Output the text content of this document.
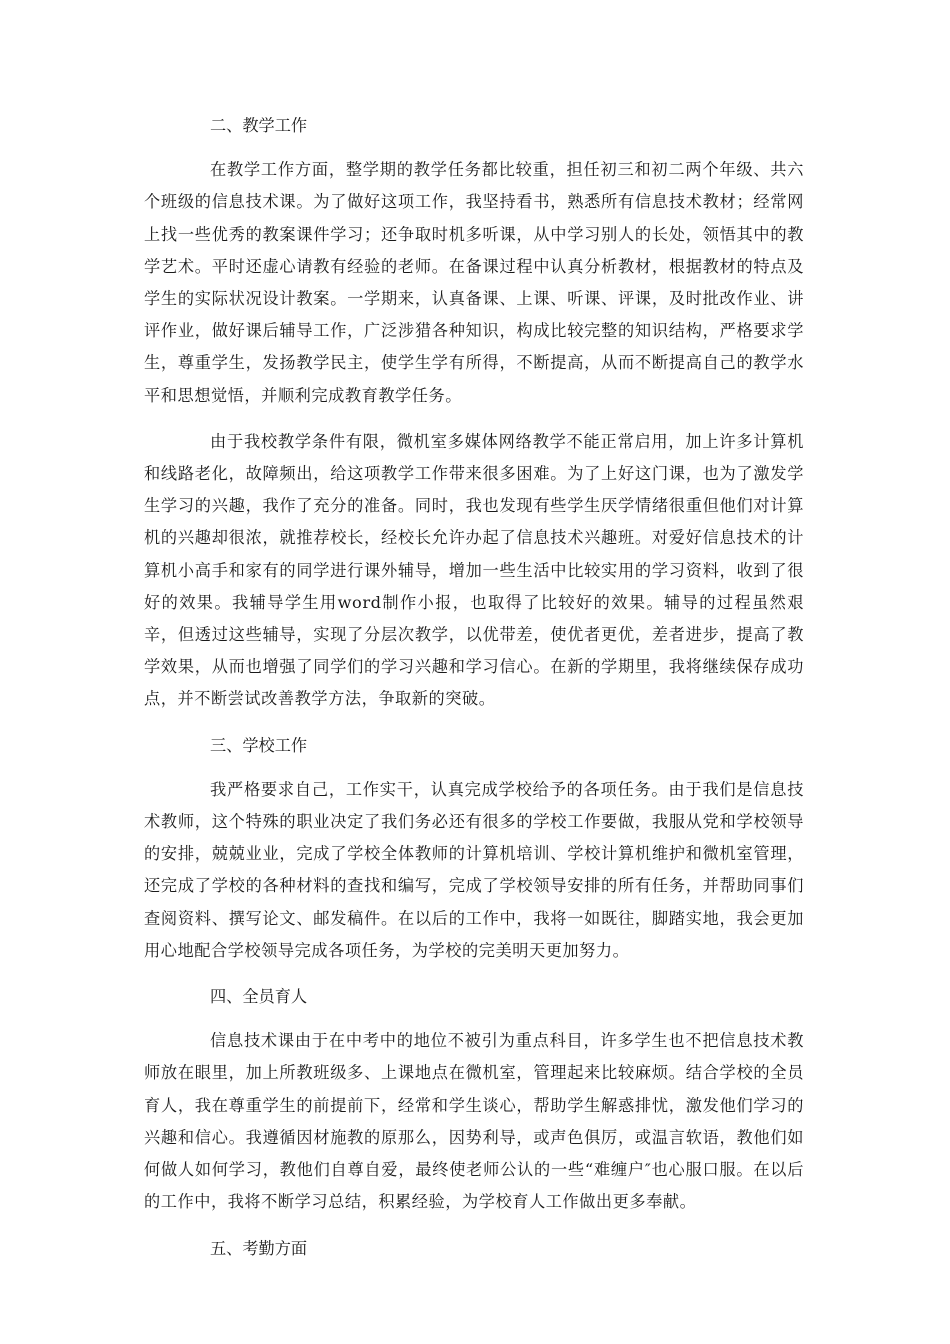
二、教学工作

在教学工作方面，整学期的教学任务都比较重，担任初三和初二两个年级、共六个班级的信息技术课。为了做好这项工作，我坚持看书，熟悉所有信息技术教材；经常网上找一些优秀的教案课件学习；还争取时机多听课，从中学习别人的长处，领悟其中的教学艺术。平时还虚心请教有经验的老师。在备课过程中认真分析教材，根据教材的特点及学生的实际状况设计教案。一学期来，认真备课、上课、听课、评课，及时批改作业、讲评作业，做好课后辅导工作，广泛涉猎各种知识，构成比较完整的知识结构，严格要求学生，尊重学生，发扬教学民主，使学生学有所得，不断提高，从而不断提高自己的教学水平和思想觉悟，并顺利完成教育教学任务。

由于我校教学条件有限，微机室多媒体网络教学不能正常启用，加上许多计算机和线路老化，故障频出，给这项教学工作带来很多困难。为了上好这门课，也为了激发学生学习的兴趣，我作了充分的准备。同时，我也发现有些学生厌学情绪很重但他们对计算机的兴趣却很浓，就推荐校长，经校长允许办起了信息技术兴趣班。对爱好信息技术的计算机小高手和家有的同学进行课外辅导，增加一些生活中比较实用的学习资料，收到了很好的效果。我辅导学生用word制作小报，也取得了比较好的效果。辅导的过程虽然艰辛，但透过这些辅导，实现了分层次教学，以优带差，使优者更优，差者进步，提高了教学效果，从而也增强了同学们的学习兴趣和学习信心。在新的学期里，我将继续保存成功点，并不断尝试改善教学方法，争取新的突破。

三、学校工作

我严格要求自己，工作实干，认真完成学校给予的各项任务。由于我们是信息技术教师，这个特殊的职业决定了我们务必还有很多的学校工作要做，我服从党和学校领导的安排，兢兢业业，完成了学校全体教师的计算机培训、学校计算机维护和微机室管理，还完成了学校的各种材料的查找和编写，完成了学校领导安排的所有任务，并帮助同事们查阅资料、撰写论文、邮发稿件。在以后的工作中，我将一如既往，脚踏实地，我会更加用心地配合学校领导完成各项任务，为学校的完美明天更加努力。

四、全员育人

信息技术课由于在中考中的地位不被引为重点科目，许多学生也不把信息技术教师放在眼里，加上所教班级多、上课地点在微机室，管理起来比较麻烦。结合学校的全员育人，我在尊重学生的前提前下，经常和学生谈心，帮助学生解惑排忧，激发他们学习的兴趣和信心。我遵循因材施教的原那么，因势利导，或声色俱厉，或温言软语，教他们如何做人如何学习，教他们自尊自爱，最终使老师公认的一些“难缠户″也心服口服。在以后的工作中，我将不断学习总结，积累经验，为学校育人工作做出更多奉献。

五、考勤方面
